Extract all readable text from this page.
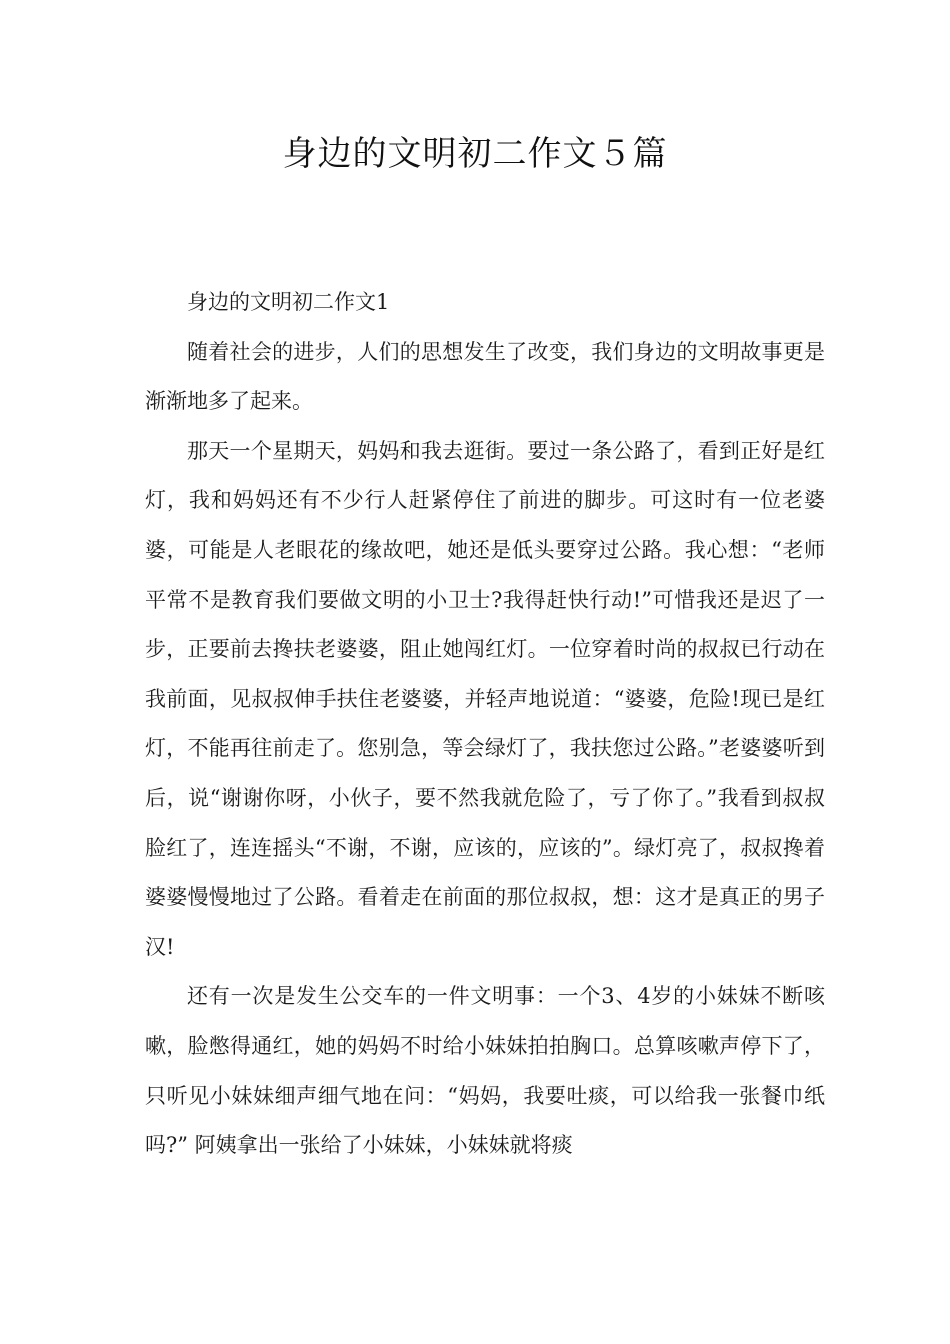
身边的文明初二作文５篇

身边的文明初二作文1

随着社会的进步，人们的思想发生了改变，我们身边的文明故事更是渐渐地多了起来。

那天一个星期天，妈妈和我去逛街。要过一条公路了，看到正好是红灯，我和妈妈还有不少行人赶紧停住了前进的脚步。可这时有一位老婆婆，可能是人老眼花的缘故吧，她还是低头要穿过公路。我心想：“老师平常不是教育我们要做文明的小卫士?我得赶快行动!”可惜我还是迟了一步，正要前去搀扶老婆婆，阻止她闯红灯。一位穿着时尚的叔叔已行动在我前面，见叔叔伸手扶住老婆婆，并轻声地说道：“婆婆，危险!现已是红灯，不能再往前走了。您别急，等会绿灯了，我扶您过公路。”老婆婆听到后，说“谢谢你呀，小伙子，要不然我就危险了，亏了你了。”我看到叔叔脸红了，连连摇头“不谢，不谢，应该的，应该的”。绿灯亮了，叔叔搀着婆婆慢慢地过了公路。看着走在前面的那位叔叔，想：这才是真正的男子汉!

还有一次是发生公交车的一件文明事：一个3、4岁的小妹妹不断咳嗽，脸憋得通红，她的妈妈不时给小妹妹拍拍胸口。总算咳嗽声停下了，只听见小妹妹细声细气地在问：“妈妈，我要吐痰，可以给我一张餐巾纸吗?” 阿姨拿出一张给了小妹妹，小妹妹就将痰
